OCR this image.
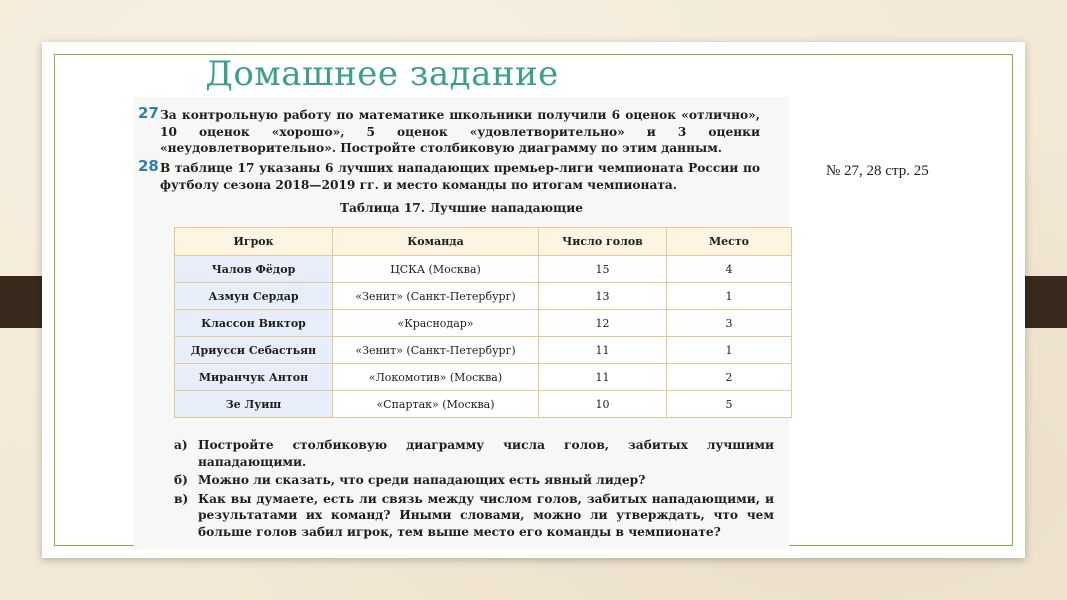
Домашнее задание
№ 27, 28 стр. 25
27 За контрольную работу по математике школьники получили 6 оценок «отлично», 10 оценок «хорошо», 5 оценок «удовлетворительно» и 3 оценки «неудовлетворительно». Постройте столбиковую диаграмму по этим данным.
28 В таблице 17 указаны 6 лучших нападающих премьер-лиги чемпионата России по футболу сезона 2018—2019 гг. и место команды по итогам чемпионата.
Таблица 17. Лучшие нападающие
Игрок	Команда	Число голов	Место
Чалов Фёдор	ЦСКА (Москва)	15	4
Азмун Сердар	«Зенит» (Санкт-Петербург)	13	1
Классон Виктор	«Краснодар»	12	3
Дриусси Себастьян	«Зенит» (Санкт-Петербург)	11	1
Миранчук Антон	«Локомотив» (Москва)	11	2
Зе Луиш	«Спартак» (Москва)	10	5
а) Постройте столбиковую диаграмму числа голов, забитых лучшими нападающими.
б) Можно ли сказать, что среди нападающих есть явный лидер?
в) Как вы думаете, есть ли связь между числом голов, забитых нападающими, и результатами их команд? Иными словами, можно ли утверждать, что чем больше голов забил игрок, тем выше место его команды в чемпионате?
